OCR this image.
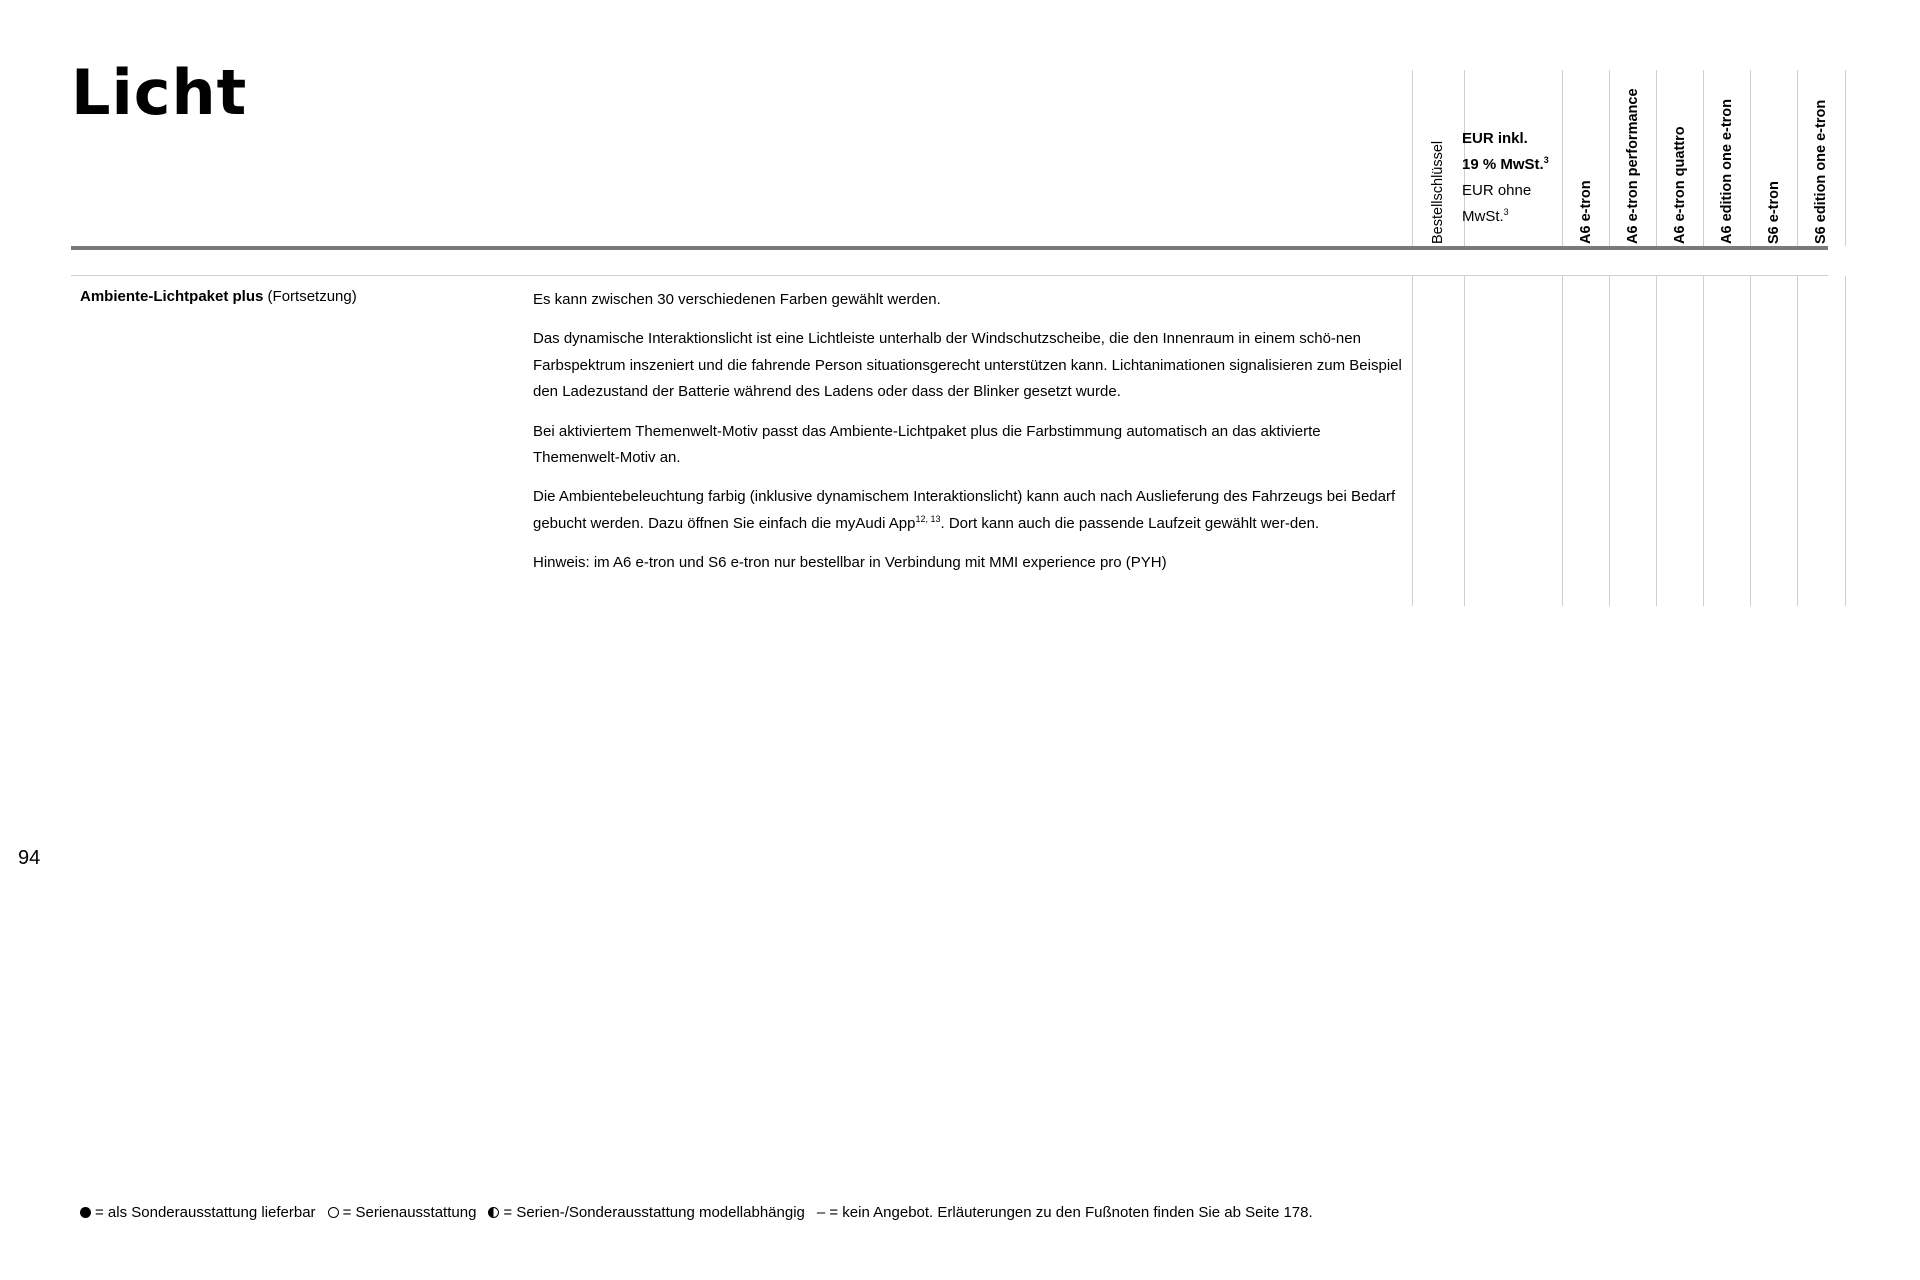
Licht
Bestellschlüssel
EUR inkl.
19 % MwSt.$^3$
EUR ohne
MwSt.$^3$	A6 e-tron A6 e-tron performance A6 e-tron quattro A6 edition one e-tron S6 e-tron S6 edition one e-tron
Ambiente-Lichtpaket plus (Fortsetzung)	Es kann zwischen 30 verschiedenen Farben gewählt werden.

Das dynamische Interaktionslicht ist eine Lichtleiste unterhalb der Windschutzscheibe, die den Innenraum in einem schö-nen Farbspektrum inszeniert und die fahrende Person situationsgerecht unterstützen kann. Lichtanimationen signalisieren zum Beispiel den Ladezustand der Batterie während des Ladens oder dass der Blinker gesetzt wurde.

Bei aktiviertem Themenwelt-Motiv passt das Ambiente-Lichtpaket plus die Farbstimmung automatisch an das aktivierte Themenwelt-Motiv an.

Die Ambientebeleuchtung farbig (inklusive dynamischem Interaktionslicht) kann auch nach Auslieferung des Fahrzeugs bei Bedarf gebucht werden. Dazu öffnen Sie einfach die myAudi App$^{12, 13}$. Dort kann auch die passende Laufzeit gewählt wer-den.

Hinweis: im A6 e-tron und S6 e-tron nur bestellbar in Verbindung mit MMI experience pro (PYH)

94
= als Sonderausstattung lieferbar = Serienausstattung = Serien-/Sonderausstattung modellabhängig – = kein Angebot. Erläuterungen zu den Fußnoten finden Sie ab Seite 178.
